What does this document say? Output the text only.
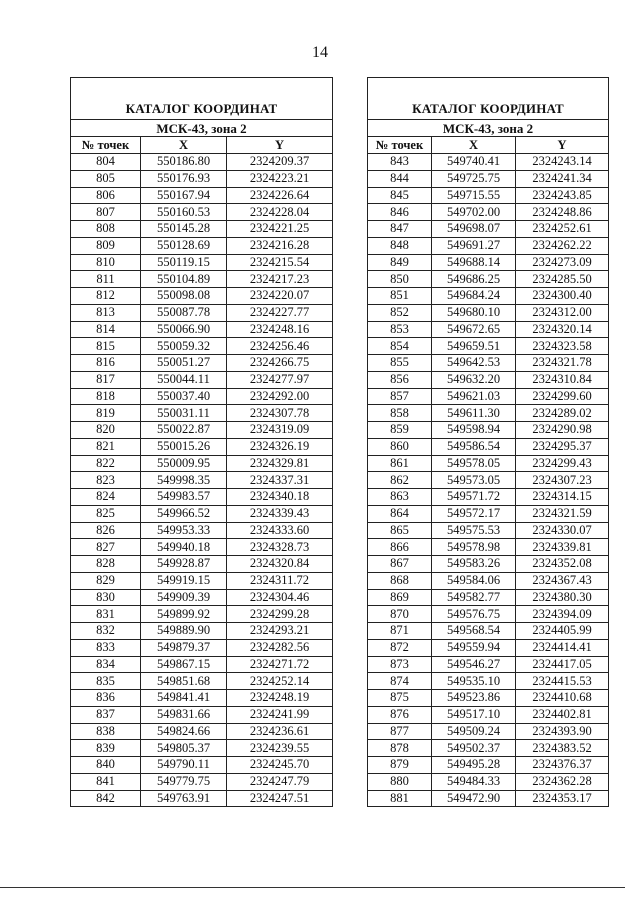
14
КАТАЛОГ КООРДИНАТ		
МСК-43, зона 2		
№ точек	X	Y
804	550186.80	2324209.37
805	550176.93	2324223.21
806	550167.94	2324226.64
807	550160.53	2324228.04
808	550145.28	2324221.25
809	550128.69	2324216.28
810	550119.15	2324215.54
811	550104.89	2324217.23
812	550098.08	2324220.07
813	550087.78	2324227.77
814	550066.90	2324248.16
815	550059.32	2324256.46
816	550051.27	2324266.75
817	550044.11	2324277.97
818	550037.40	2324292.00
819	550031.11	2324307.78
820	550022.87	2324319.09
821	550015.26	2324326.19
822	550009.95	2324329.81
823	549998.35	2324337.31
824	549983.57	2324340.18
825	549966.52	2324339.43
826	549953.33	2324333.60
827	549940.18	2324328.73
828	549928.87	2324320.84
829	549919.15	2324311.72
830	549909.39	2324304.46
831	549899.92	2324299.28
832	549889.90	2324293.21
833	549879.37	2324282.56
834	549867.15	2324271.72
835	549851.68	2324252.14
836	549841.41	2324248.19
837	549831.66	2324241.99
838	549824.66	2324236.61
839	549805.37	2324239.55
840	549790.11	2324245.70
841	549779.75	2324247.79
842	549763.91	2324247.51
КАТАЛОГ КООРДИНАТ		
МСК-43, зона 2		
№ точек	X	Y
843	549740.41	2324243.14
844	549725.75	2324241.34
845	549715.55	2324243.85
846	549702.00	2324248.86
847	549698.07	2324252.61
848	549691.27	2324262.22
849	549688.14	2324273.09
850	549686.25	2324285.50
851	549684.24	2324300.40
852	549680.10	2324312.00
853	549672.65	2324320.14
854	549659.51	2324323.58
855	549642.53	2324321.78
856	549632.20	2324310.84
857	549621.03	2324299.60
858	549611.30	2324289.02
859	549598.94	2324290.98
860	549586.54	2324295.37
861	549578.05	2324299.43
862	549573.05	2324307.23
863	549571.72	2324314.15
864	549572.17	2324321.59
865	549575.53	2324330.07
866	549578.98	2324339.81
867	549583.26	2324352.08
868	549584.06	2324367.43
869	549582.77	2324380.30
870	549576.75	2324394.09
871	549568.54	2324405.99
872	549559.94	2324414.41
873	549546.27	2324417.05
874	549535.10	2324415.53
875	549523.86	2324410.68
876	549517.10	2324402.81
877	549509.24	2324393.90
878	549502.37	2324383.52
879	549495.28	2324376.37
880	549484.33	2324362.28
881	549472.90	2324353.17
